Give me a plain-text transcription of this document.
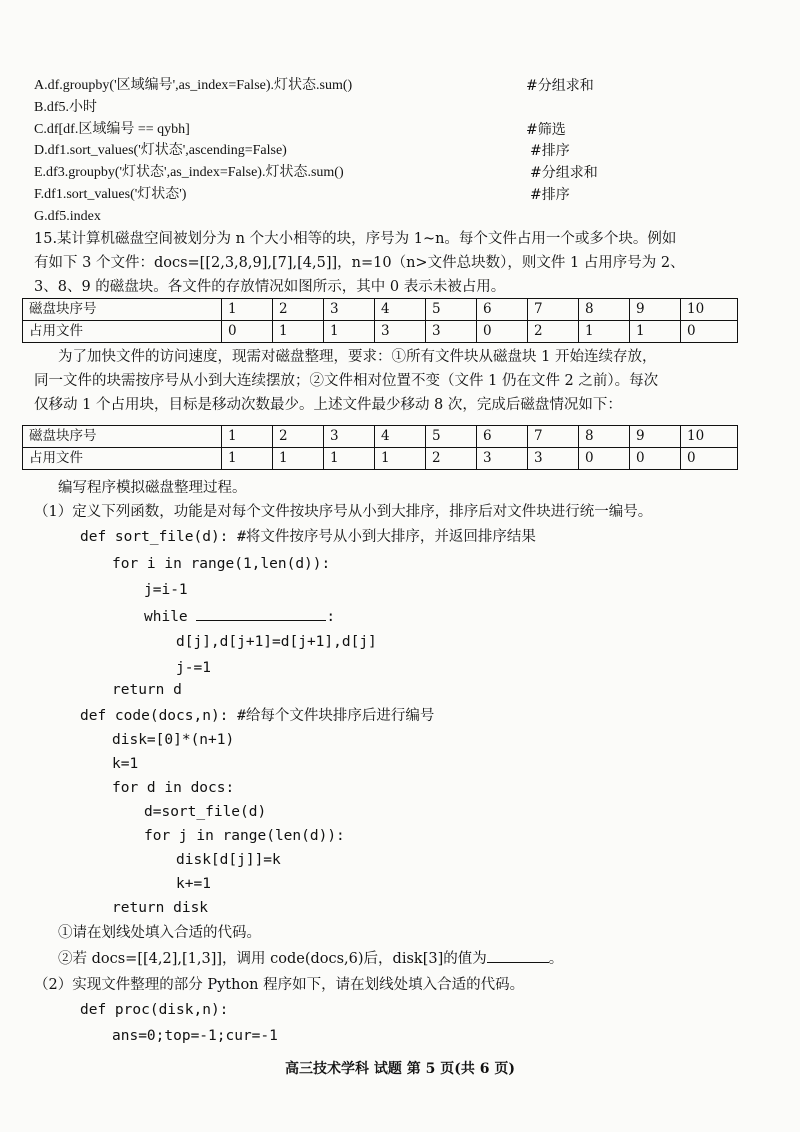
A.df.groupby('区域编号',as_index=False).灯状态.sum()	#分组求和
B.df5.小时
C.df[df.区域编号 == qybh]	#筛选
D.df1.sort_values('灯状态',ascending=False)	#排序
E.df3.groupby('灯状态',as_index=False).灯状态.sum()	#分组求和
F.df1.sort_values('灯状态')	#排序
G.df5.index
15.某计算机磁盘空间被划分为 n 个大小相等的块，序号为 1~n。每个文件占用一个或多个块。例如
有如下 3 个文件：docs=[[2,3,8,9],[7],[4,5]]，n=10（n>文件总块数），则文件 1 占用序号为 2、
3、8、9 的磁盘块。各文件的存放情况如图所示，其中 0 表示未被占用。
磁盘块序号	1	2	3	4	5	6	7	8	9	10
占用文件	0	1	1	3	3	0	2	1	1	0
为了加快文件的访问速度，现需对磁盘整理，要求：①所有文件块从磁盘块 1 开始连续存放，
同一文件的块需按序号从小到大连续摆放；②文件相对位置不变（文件 1 仍在文件 2 之前）。每次
仅移动 1 个占用块，目标是移动次数最少。上述文件最少移动 8 次，完成后磁盘情况如下：
磁盘块序号	1	2	3	4	5	6	7	8	9	10
占用文件	1	1	1	1	2	3	3	0	0	0
编写程序模拟磁盘整理过程。
（1）定义下列函数，功能是对每个文件按块序号从小到大排序，排序后对文件块进行统一编号。
def sort_file(d): #将文件按序号从小到大排序，并返回排序结果
for i in range(1,len(d)):
j=i-1
while	:
d[j],d[j+1]=d[j+1],d[j]
j-=1
return d
def code(docs,n): #给每个文件块排序后进行编号
disk=[0]*(n+1)
k=1
for d in docs:
d=sort_file(d)
for j in range(len(d)):
disk[d[j]]=k
k+=1
return disk
①请在划线处填入合适的代码。
②若 docs=[[4,2],[1,3]]，调用 code(docs,6)后，disk[3]的值为	。
（2）实现文件整理的部分 Python 程序如下，请在划线处填入合适的代码。
def proc(disk,n):
ans=0;top=-1;cur=-1
高三技术学科 试题 第 5 页(共 6 页)
